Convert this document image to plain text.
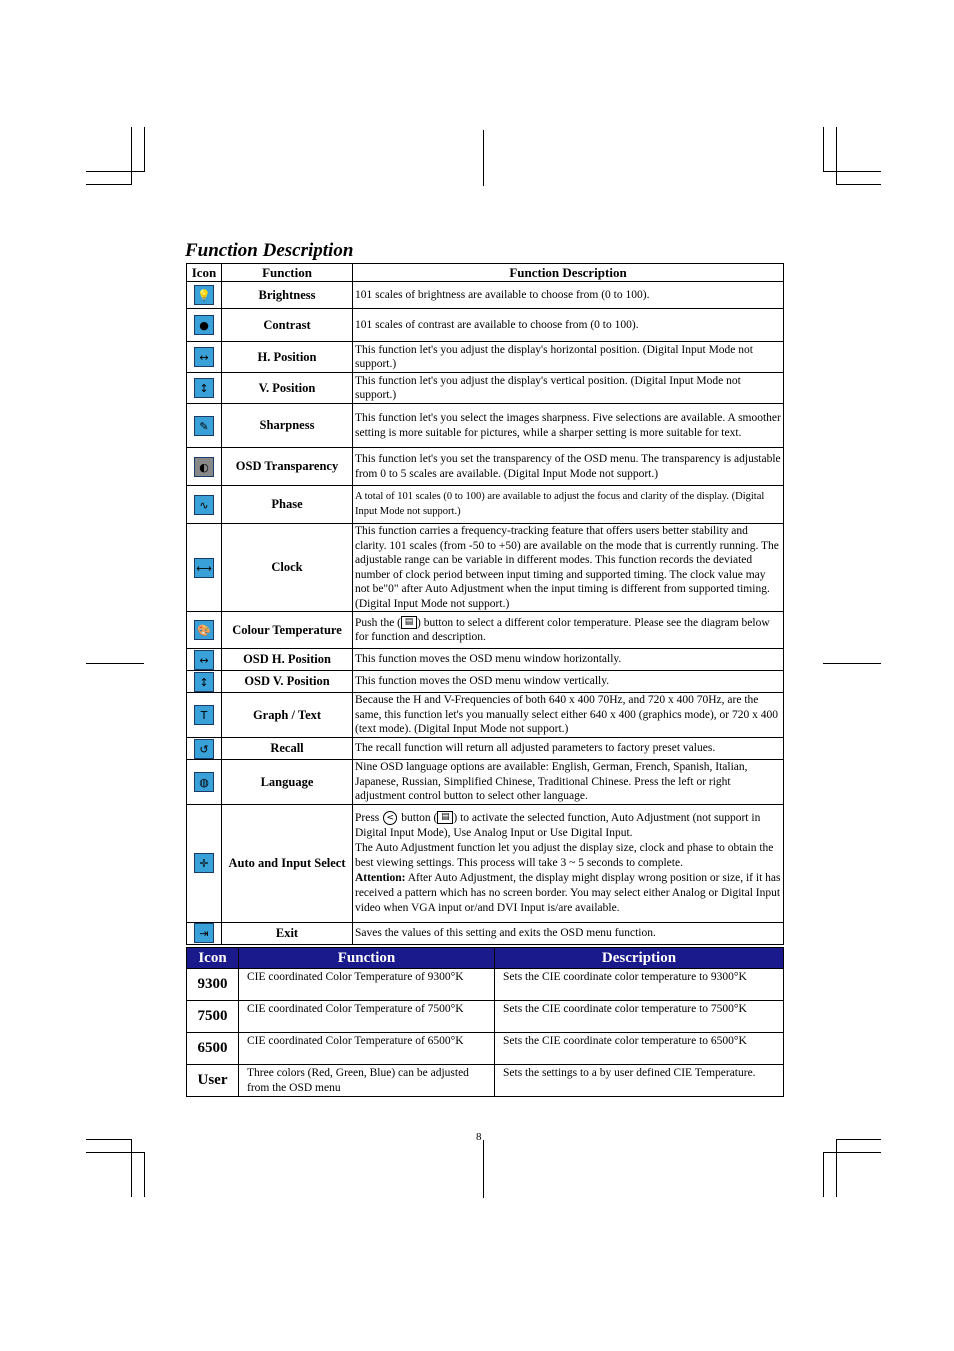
Function Description
Icon	Function	Function Description
💡	Brightness	101 scales of brightness are available to choose from (0 to 100).
●	Contrast	101 scales of contrast are available to choose from (0 to 100).
↔	H. Position	This function let's you adjust the display's horizontal position. (Digital Input Mode not support.)
↕	V. Position	This function let's you adjust the display's vertical position. (Digital Input Mode not support.)
✎	Sharpness	This function let's you select the images sharpness. Five selections are available. A smoother setting is more suitable for pictures, while a sharper setting is more suitable for text.
◐	OSD Transparency	This function let's you set the transparency of the OSD menu. The transparency is adjustable from 0 to 5 scales are available. (Digital Input Mode not support.)
∿	Phase	A total of 101 scales (0 to 100) are available to adjust the focus and clarity of the display. (Digital Input Mode not support.)
⟷	Clock	This function carries a frequency-tracking feature that offers users better stability and clarity. 101 scales (from -50 to +50) are available on the mode that is currently running. The adjustable range can be variable in different modes. This function records the deviated number of clock period between input timing and supported timing. The clock value may not be"0" after Auto Adjustment when the input timing is different from supported timing. (Digital Input Mode not support.)
🎨	Colour Temperature	Push the ( ▤ ) button to select a different color temperature. Please see the diagram below for function and description.
↔	OSD H. Position	This function moves the OSD menu window horizontally.
↕	OSD V. Position	This function moves the OSD menu window vertically.
T	Graph / Text	Because the H and V-Frequencies of both 640 x 400 70Hz, and 720 x 400 70Hz, are the same, this function let's you manually select either 640 x 400 (graphics mode), or 720 x 400 (text mode). (Digital Input Mode not support.)
↺	Recall	The recall function will return all adjusted parameters to factory preset values.
◍	Language	Nine OSD language options are available: English, German, French, Spanish, Italian, Japanese, Russian, Simplified Chinese, Traditional Chinese. Press the left or right adjustment control button to select other language.
✛	Auto and Input Select	Press < button ( ▤ ) to activate the selected function, Auto Adjustment (not support in Digital Input Mode), Use Analog Input or Use Digital Input.
The Auto Adjustment function let you adjust the display size, clock and phase to obtain the best viewing settings. This process will take 3 ~ 5 seconds to complete.
Attention: After Auto Adjustment, the display might display wrong position or size, if it has received a pattern which has no screen border. You may select either Analog or Digital Input video when VGA input or/and DVI Input is/are available.

⇥	Exit	Saves the values of this setting and exits the OSD menu function.
Icon	Function	Description
9300	CIE coordinated Color Temperature of 9300°K	Sets the CIE coordinate color temperature to 9300°K
7500	CIE coordinated Color Temperature of 7500°K	Sets the CIE coordinate color temperature to 7500°K
6500	CIE coordinated Color Temperature of 6500°K	Sets the CIE coordinate color temperature to 6500°K
User	Three colors (Red, Green, Blue) can be adjusted from the OSD menu	Sets the settings to a by user defined CIE Temperature.
8
